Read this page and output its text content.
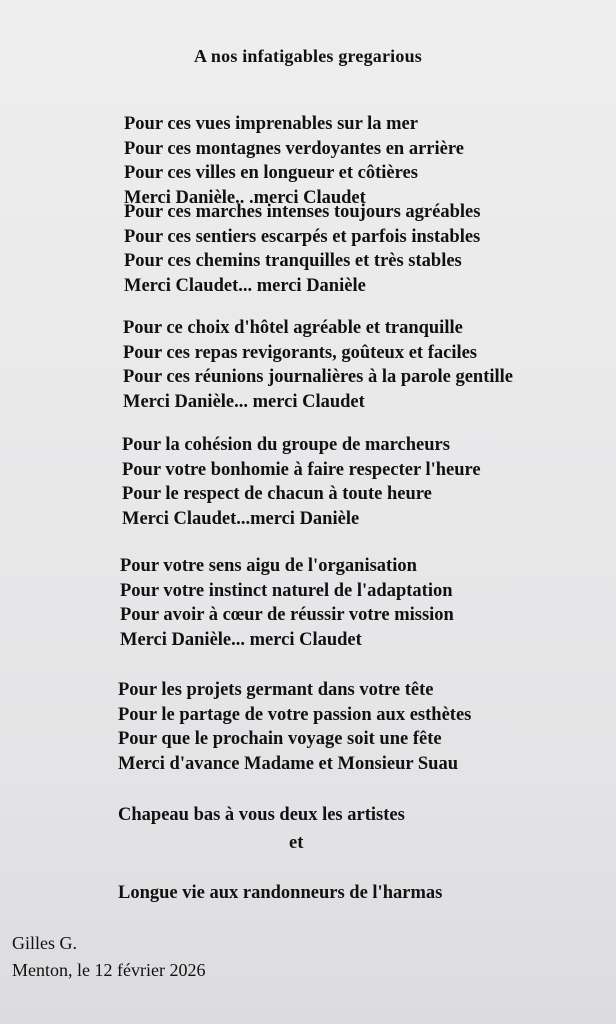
A nos infatigables gregarious
Pour ces vues imprenables sur la mer
Pour ces montagnes verdoyantes en arrière
Pour ces villes en longueur et côtières
Merci Danièle.. .merci Claudet
Pour ces marches intenses toujours agréables
Pour ces sentiers escarpés et parfois instables
Pour ces chemins tranquilles et très stables
Merci Claudet... merci Danièle
Pour ce choix d'hôtel agréable et tranquille
Pour ces repas revigorants, goûteux et faciles
Pour ces réunions journalières à la parole gentille
Merci Danièle... merci Claudet
Pour la cohésion du groupe de marcheurs
Pour votre bonhomie à faire respecter l'heure
Pour le respect de chacun à toute heure
Merci Claudet...merci Danièle
Pour votre sens aigu de l'organisation
Pour votre instinct naturel de l'adaptation
Pour avoir à cœur de réussir votre mission
Merci Danièle... merci Claudet
Pour les projets germant dans votre tête
Pour le partage de votre passion aux esthètes
Pour que le prochain voyage soit une fête
Merci d'avance Madame et Monsieur Suau
Chapeau bas à vous deux les artistes
et
Longue vie aux randonneurs de l'harmas
Gilles G.
Menton, le 12 février 2026
